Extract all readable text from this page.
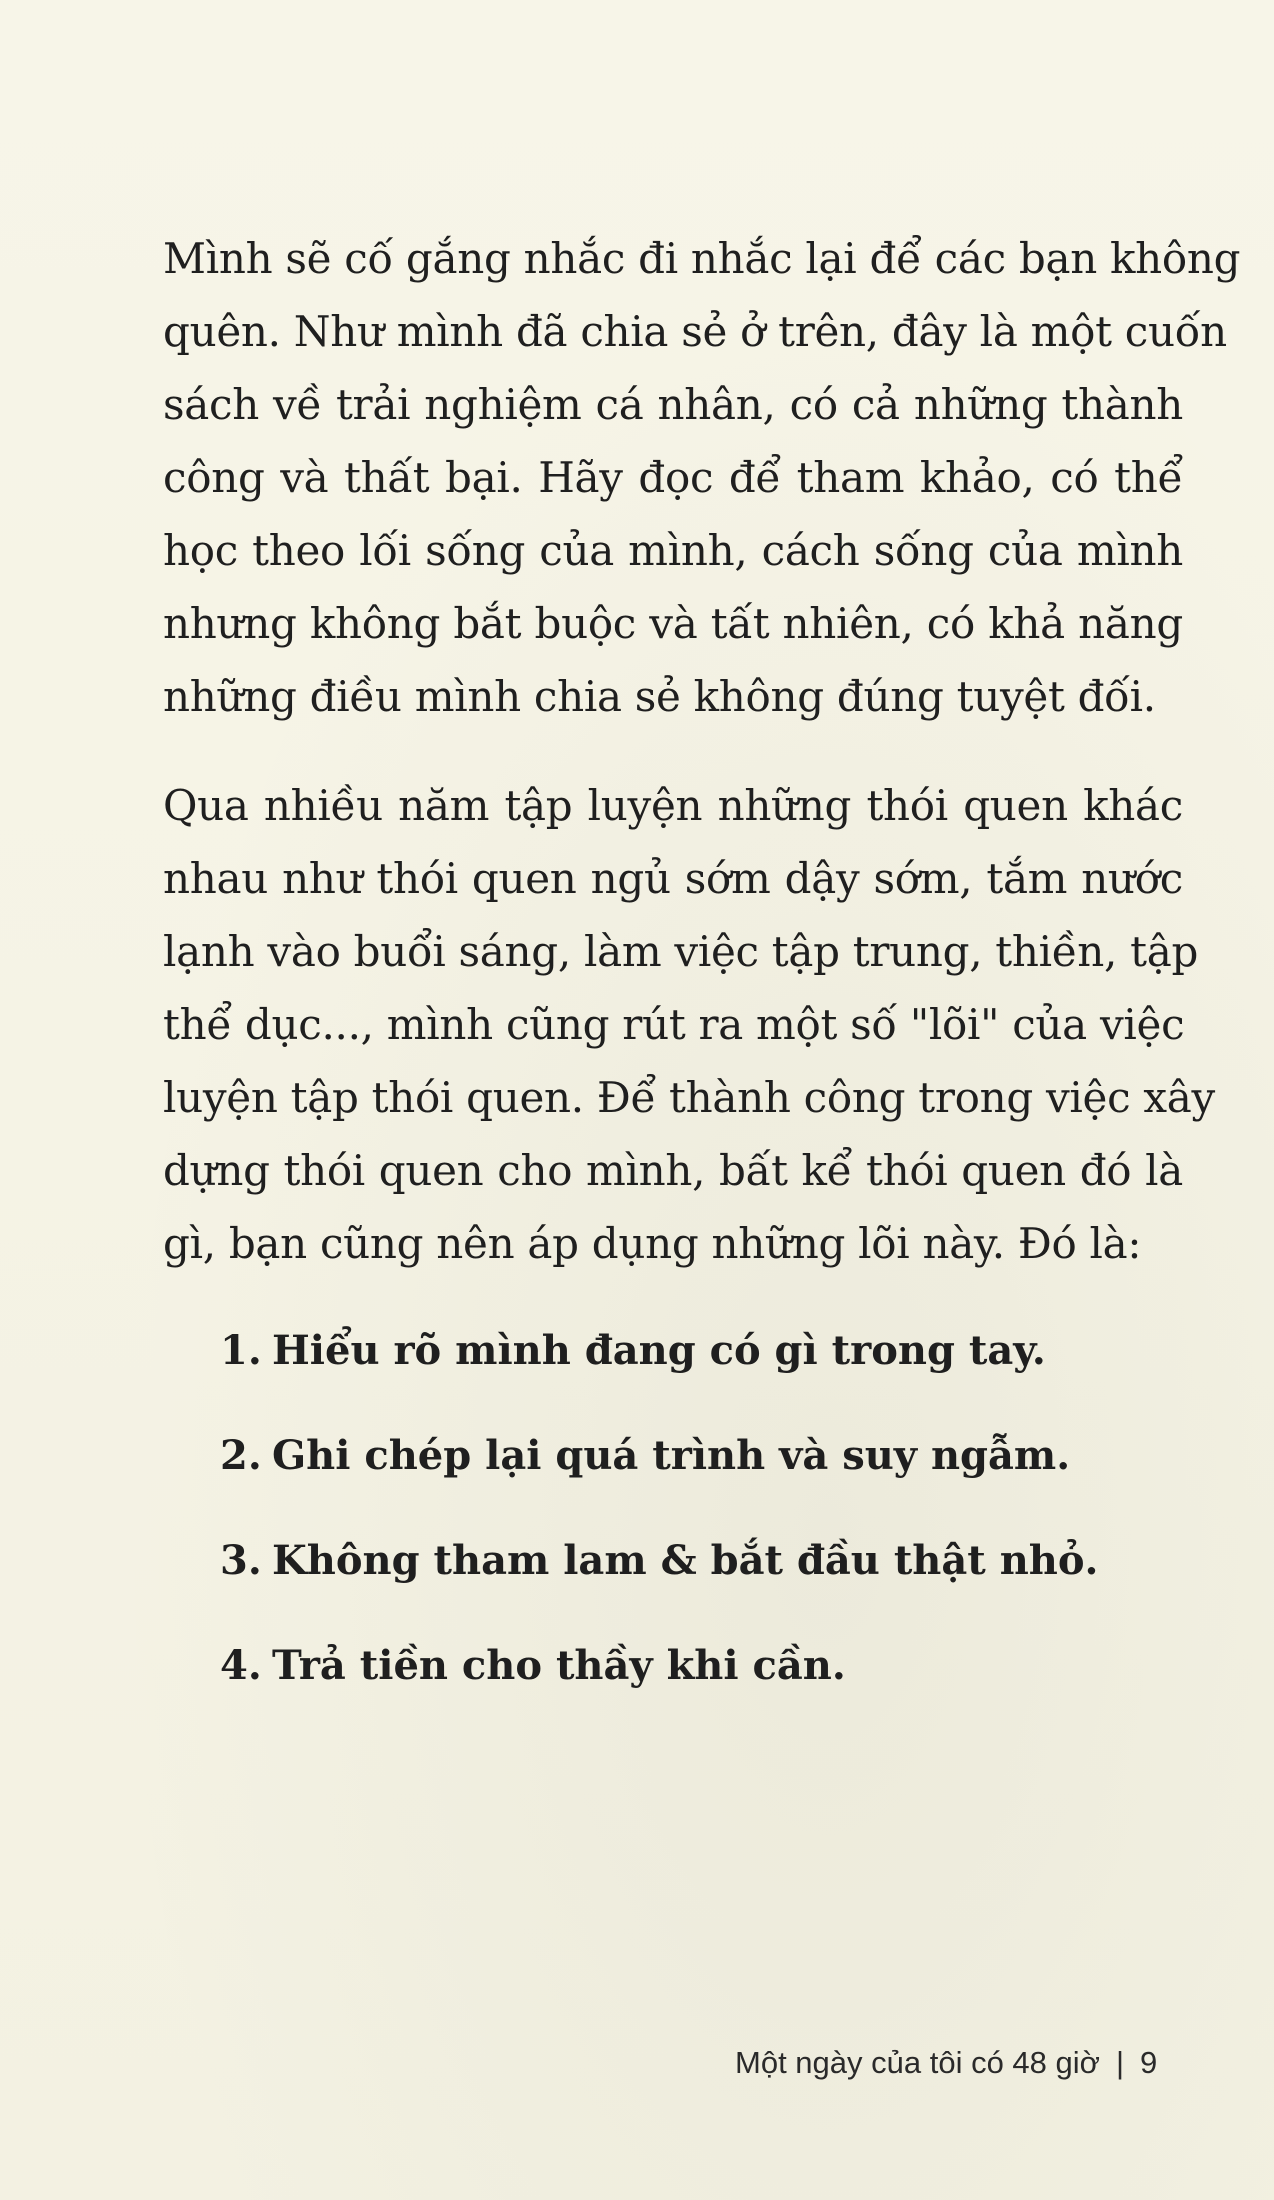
Mình sẽ cố gắng nhắc đi nhắc lại để các bạn không
quên. Như mình đã chia sẻ ở trên, đây là một cuốn
sách về trải nghiệm cá nhân, có cả những thành
công và thất bại. Hãy đọc để tham khảo, có thể
học theo lối sống của mình, cách sống của mình
nhưng không bắt buộc và tất nhiên, có khả năng
những điều mình chia sẻ không đúng tuyệt đối.

Qua nhiều năm tập luyện những thói quen khác
nhau như thói quen ngủ sớm dậy sớm, tắm nước
lạnh vào buổi sáng, làm việc tập trung, thiền, tập
thể dục..., mình cũng rút ra một số "lõi" của việc
luyện tập thói quen. Để thành công trong việc xây
dựng thói quen cho mình, bất kể thói quen đó là
gì, bạn cũng nên áp dụng những lõi này. Đó là:

1. Hiểu rõ mình đang có gì trong tay.
2. Ghi chép lại quá trình và suy ngẫm.
3. Không tham lam & bắt đầu thật nhỏ.
4. Trả tiền cho thầy khi cần.
Một ngày của tôi có 48 giờ | 9
